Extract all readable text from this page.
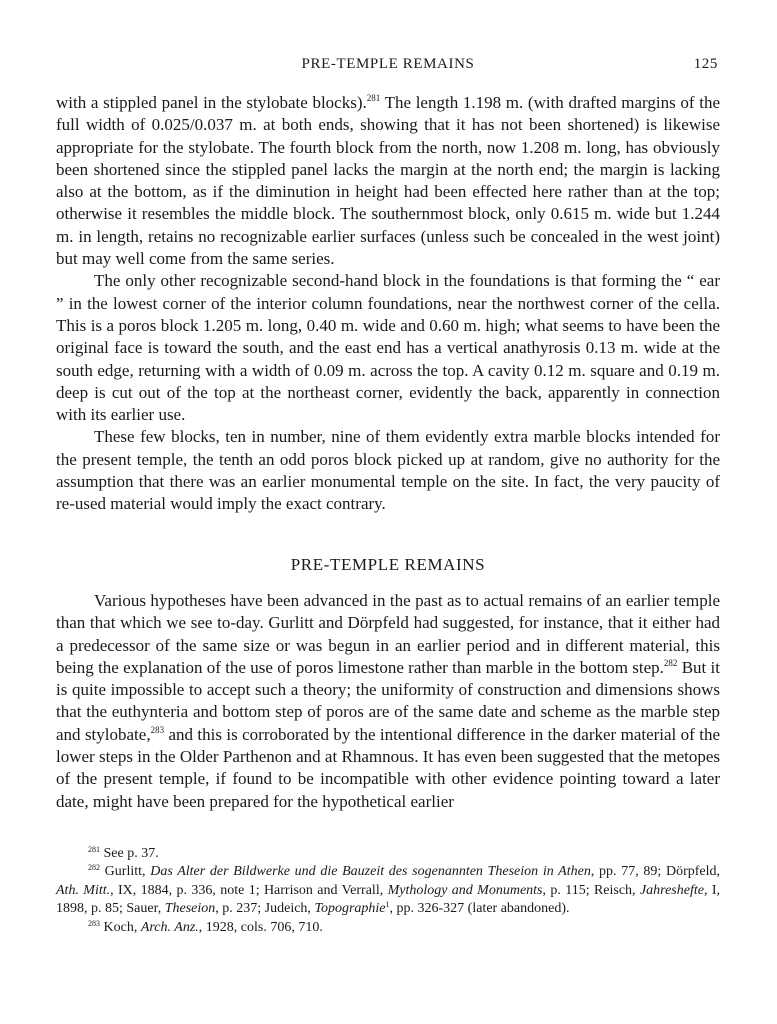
PRE-TEMPLE REMAINS	125

with a stippled panel in the stylobate blocks).$^{281}$ The length 1.198 m. (with drafted margins of the full width of 0.025/0.037 m. at both ends, showing that it has not been shortened) is likewise appropriate for the stylobate. The fourth block from the north, now 1.208 m. long, has obviously been shortened since the stippled panel lacks the margin at the north end; the margin is lacking also at the bottom, as if the diminution in height had been effected here rather than at the top; otherwise it resembles the middle block. The southernmost block, only 0.615 m. wide but 1.244 m. in length, retains no recognizable earlier surfaces (unless such be concealed in the west joint) but may well come from the same series.

The only other recognizable second-hand block in the foundations is that forming the “ ear ” in the lowest corner of the interior column foundations, near the northwest corner of the cella. This is a poros block 1.205 m. long, 0.40 m. wide and 0.60 m. high; what seems to have been the original face is toward the south, and the east end has a vertical anathyrosis 0.13 m. wide at the south edge, returning with a width of 0.09 m. across the top. A cavity 0.12 m. square and 0.19 m. deep is cut out of the top at the northeast corner, evidently the back, apparently in connection with its earlier use.

These few blocks, ten in number, nine of them evidently extra marble blocks intended for the present temple, the tenth an odd poros block picked up at random, give no authority for the assumption that there was an earlier monumental temple on the site. In fact, the very paucity of re-used material would imply the exact contrary.

PRE-TEMPLE REMAINS

Various hypotheses have been advanced in the past as to actual remains of an earlier temple than that which we see to-day. Gurlitt and Dörpfeld had suggested, for instance, that it either had a predecessor of the same size or was begun in an earlier period and in different material, this being the explanation of the use of poros limestone rather than marble in the bottom step.$^{282}$ But it is quite impossible to accept such a theory; the uniformity of construction and dimensions shows that the euthynteria and bottom step of poros are of the same date and scheme as the marble step and stylobate,$^{283}$ and this is corroborated by the intentional difference in the darker material of the lower steps in the Older Parthenon and at Rhamnous. It has even been suggested that the metopes of the present temple, if found to be incompatible with other evidence pointing toward a later date, might have been prepared for the hypothetical earlier

$^{281}$ See p. 37.

$^{282}$ Gurlitt, Das Alter der Bildwerke und die Bauzeit des sogenannten Theseion in Athen, pp. 77, 89; Dörpfeld, Ath. Mitt., IX, 1884, p. 336, note 1; Harrison and Verrall, Mythology and Monuments, p. 115; Reisch, Jahreshefte, I, 1898, p. 85; Sauer, Theseion, p. 237; Judeich, Topographie$^1$, pp. 326-327 (later abandoned).

$^{283}$ Koch, Arch. Anz., 1928, cols. 706, 710.
